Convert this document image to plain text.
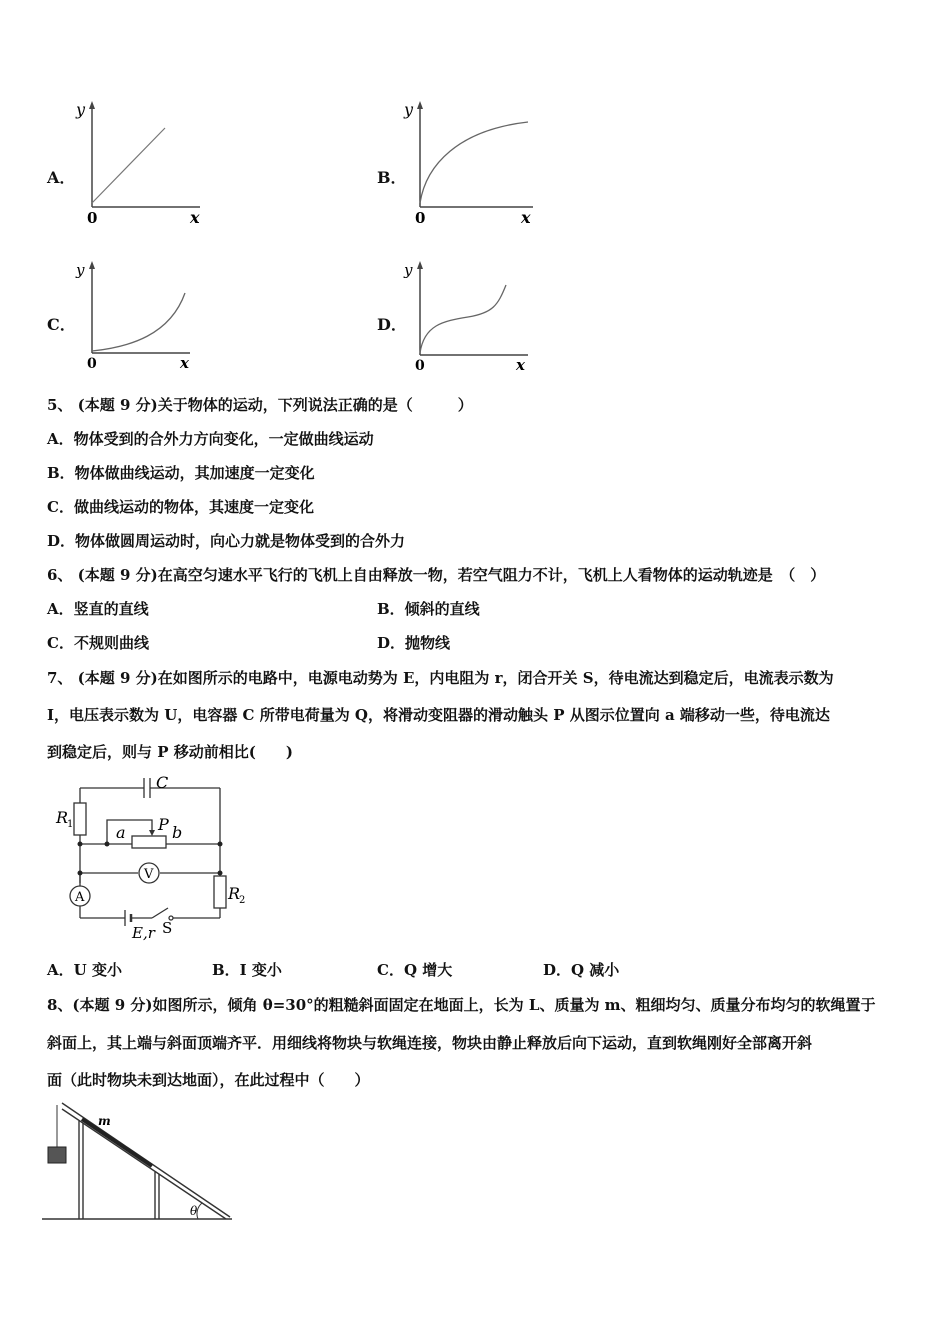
A．
y
0	x
B．
y
0	x
C．
y
0	x
D．
y
0	x
5、 (本题 9 分)关于物体的运动，下列说法正确的是（　　　）
A．物体受到的合外力方向变化，一定做曲线运动
B．物体做曲线运动，其加速度一定变化
C．做曲线运动的物体，其速度一定变化
D．物体做圆周运动时，向心力就是物体受到的合外力
6、 (本题 9 分)在高空匀速水平飞行的飞机上自由释放一物，若空气阻力不计，飞机上人看物体的运动轨迹是　（　）
A．竖直的直线	B．倾斜的直线
C．不规则曲线	D．抛物线
7、 (本题 9 分)在如图所示的电路中，电源电动势为 E，内电阻为 r，闭合开关 S，待电流达到稳定后，电流表示数为
I，电压表示数为 U，电容器 C 所带电荷量为 Q，将滑动变阻器的滑动触头 P 从图示位置向 a 端移动一些，待电流达
到稳定后，则与 P 移动前相比(　　)
C
R
1	a P b
V
A	R
2
E,r S
A．U 变小	B．I 变小	C．Q 增大	D．Q 减小
8、(本题 9 分)如图所示，倾角 θ=30°的粗糙斜面固定在地面上，长为 L、质量为 m、粗细均匀、质量分布均匀的软绳置于
斜面上，其上端与斜面顶端齐平．用细线将物块与软绳连接，物块由静止释放后向下运动，直到软绳刚好全部离开斜
面（此时物块未到达地面），在此过程中（　　）
m
θ
